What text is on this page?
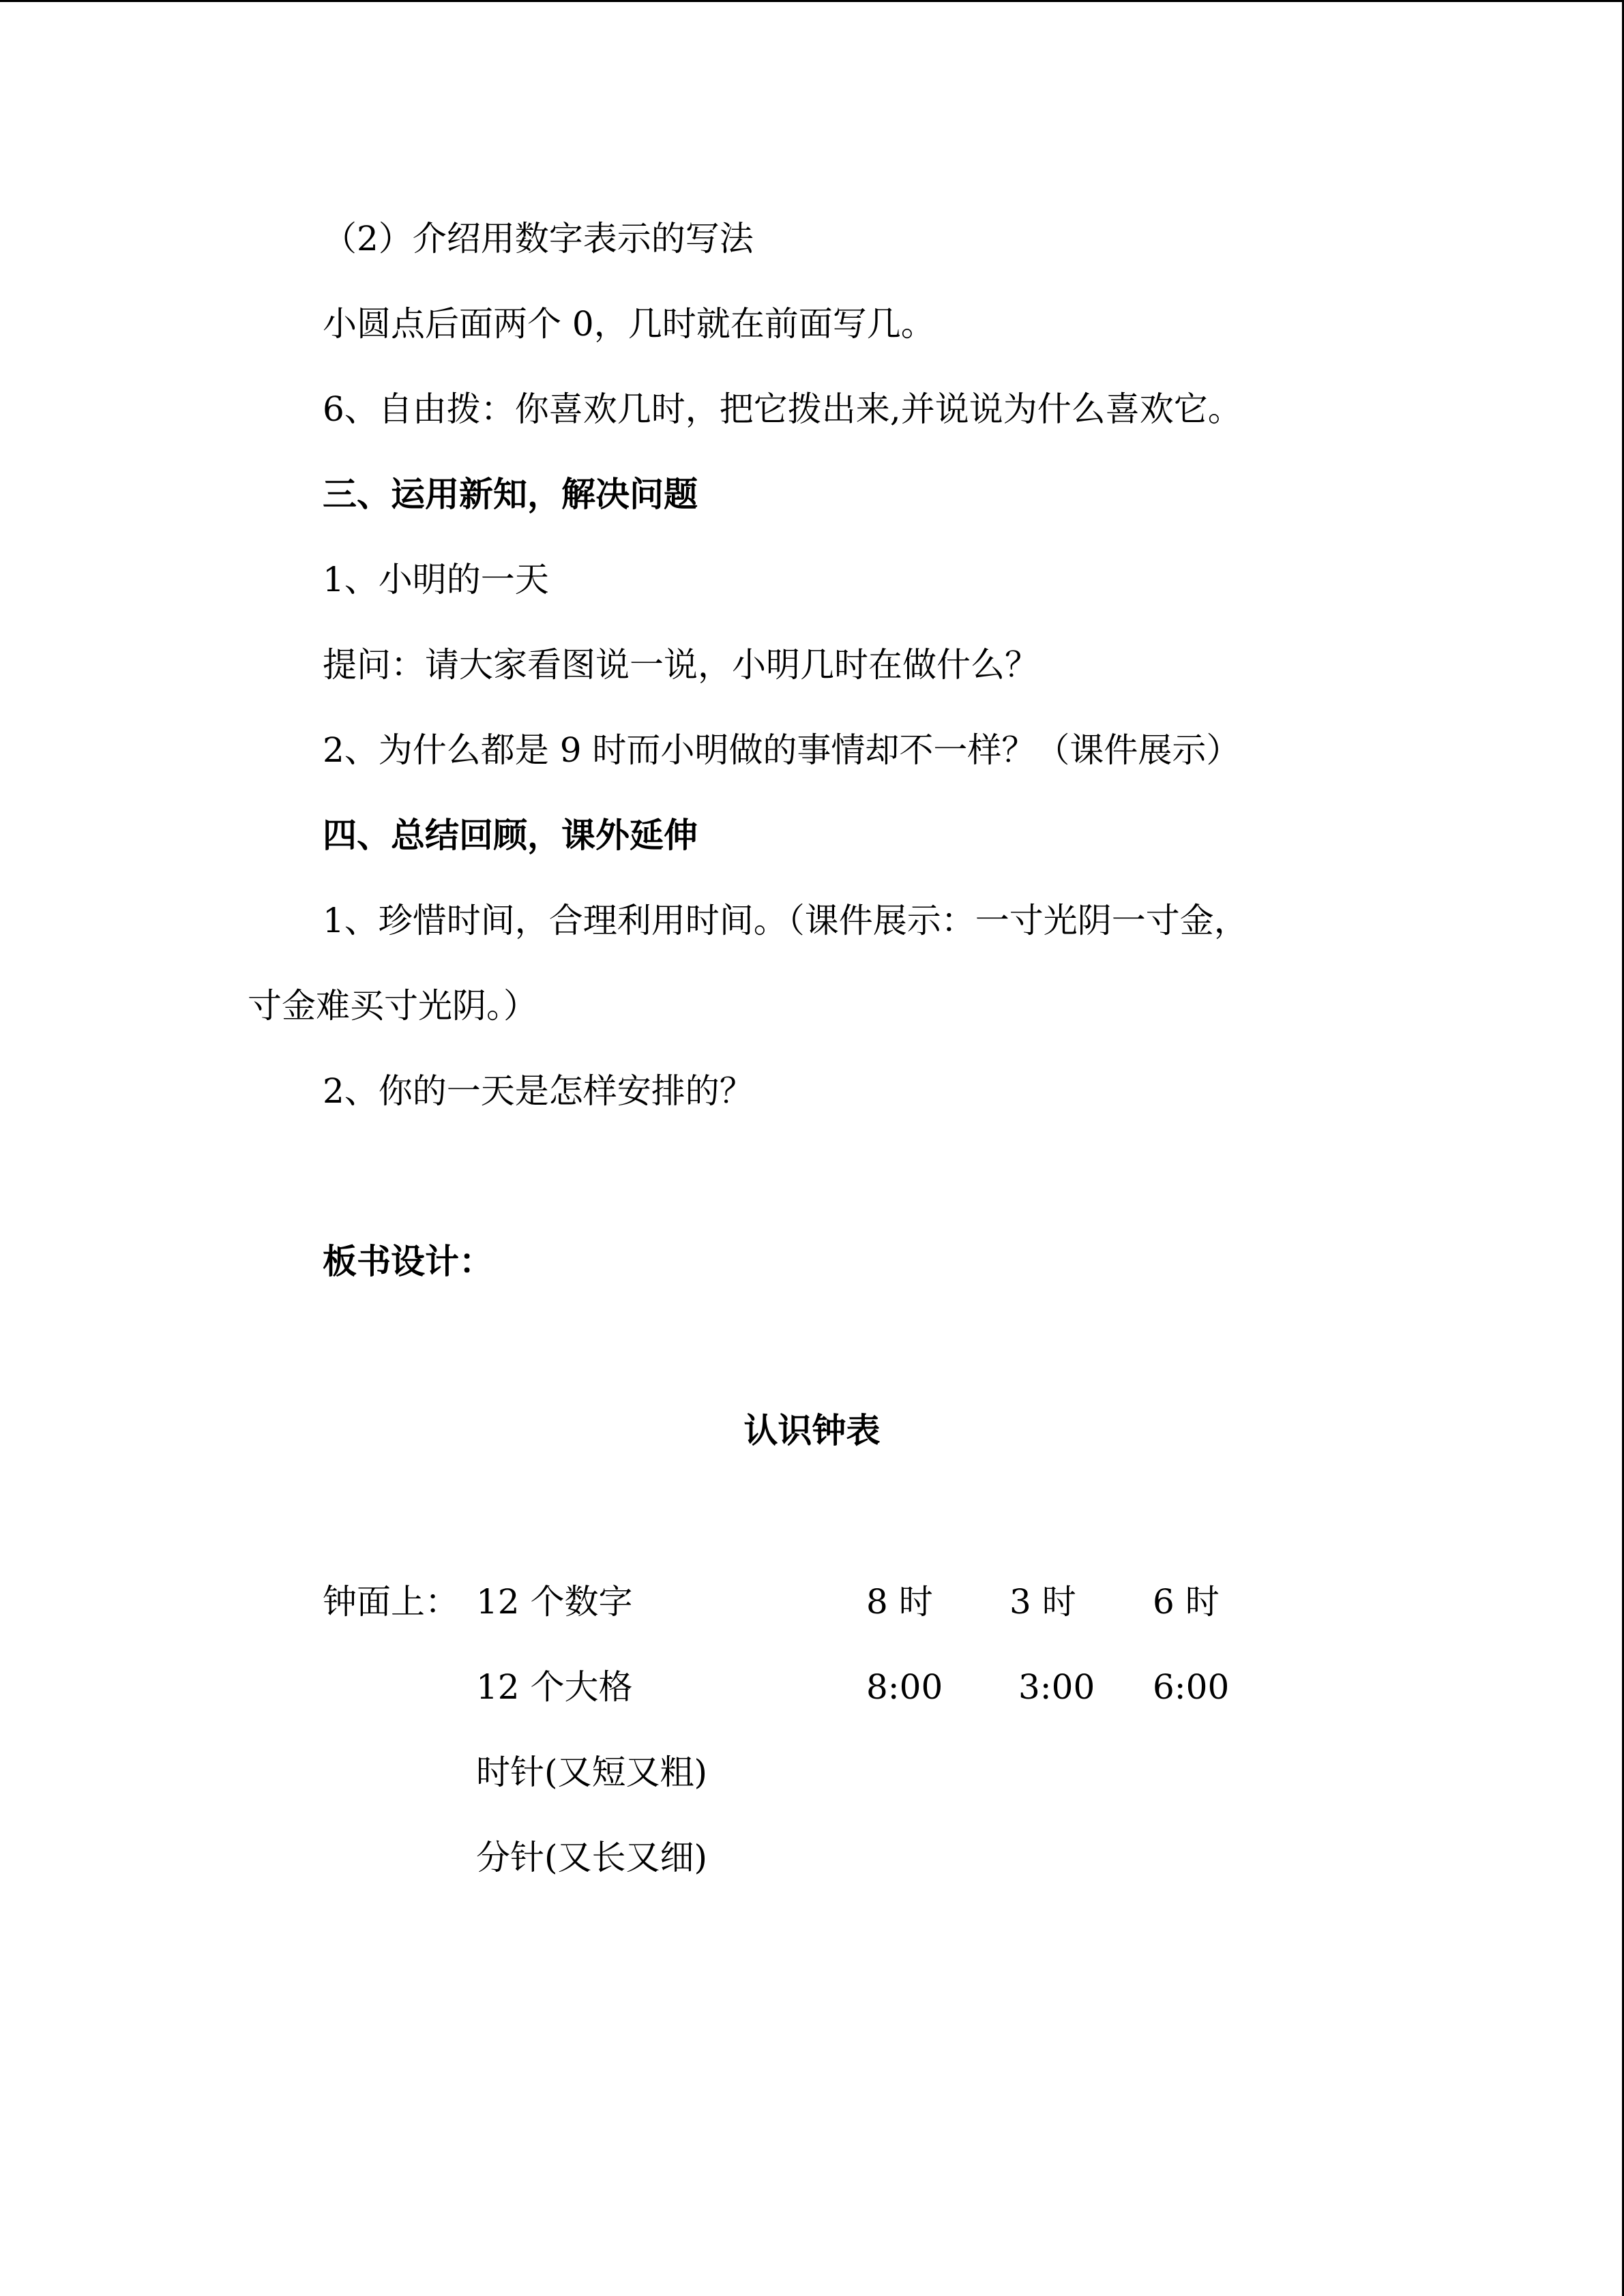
（2）介绍用数字表示的写法
小圆点后面两个 0，几时就在前面写几。
6、自由拨：你喜欢几时，把它拨出来,并说说为什么喜欢它。
三、运用新知，解决问题
1、小明的一天
提问：请大家看图说一说，小明几时在做什么？
2、为什么都是 9 时而小明做的事情却不一样？（课件展示）
四、总结回顾，课外延伸
1、珍惜时间，合理利用时间。（课件展示：一寸光阴一寸金，
寸金难买寸光阴。）
2、你的一天是怎样安排的？
板书设计：
认识钟表
钟面上： 12 个数字
12 个大格
时针(又短又粗)
分针(又长又细)
8 时 3 时 6 时
8:00 3:00 6:00
